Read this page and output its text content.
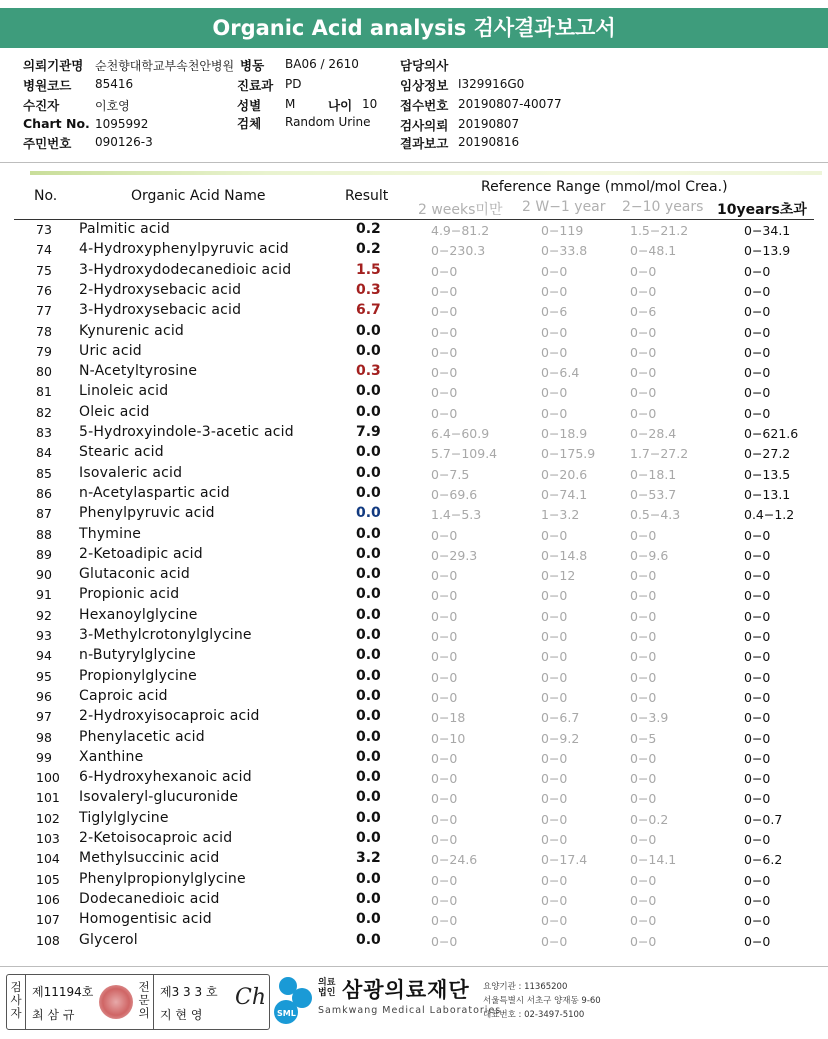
Organic Acid analysis 검사결과보고서
의뢰기관명 순천향대학교부속천안병원 병동 BA06 / 2610	담당의사
병원코드 85416	진료과 PD	임상정보 I329916G0
수진자	이호영	성별 M	나이 10 접수번호 20190807-40077
Chart No. 1095992	검체 Random Urine 검사의뢰 20190807
주민번호 090126-3	결과보고 20190816
No.	Organic Acid Name	Result
Reference Range (mmol/mol Crea.)
2 weeks미만 2 W−1 year 2−10 years 10years초과
73 Palmitic acid	0.2	4.9−81.2	0−119	1.5−21.2	0−34.1
74 4-Hydroxyphenylpyruvic acid	0.2	0−230.3	0−33.8	0−48.1	0−13.9
75 3-Hydroxydodecanedioic acid	1.5	0−0	0−0	0−0	0−0
76 2-Hydroxysebacic acid	0.3	0−0	0−0	0−0	0−0
77 3-Hydroxysebacic acid	6.7	0−0	0−6	0−6	0−0
78 Kynurenic acid	0.0	0−0	0−0	0−0	0−0
79 Uric acid	0.0	0−0	0−0	0−0	0−0
80 N-Acetyltyrosine	0.3	0−0	0−6.4	0−0	0−0
81 Linoleic acid	0.0	0−0	0−0	0−0	0−0
82 Oleic acid	0.0	0−0	0−0	0−0	0−0
83 5-Hydroxyindole-3-acetic acid	7.9	6.4−60.9	0−18.9	0−28.4	0−621.6
84 Stearic acid	0.0	5.7−109.4	0−175.9	1.7−27.2	0−27.2
85 Isovaleric acid	0.0	0−7.5	0−20.6	0−18.1	0−13.5
86 n-Acetylaspartic acid	0.0	0−69.6	0−74.1	0−53.7	0−13.1
87 Phenylpyruvic acid	0.0	1.4−5.3	1−3.2	0.5−4.3	0.4−1.2
88 Thymine	0.0	0−0	0−0	0−0	0−0
89 2-Ketoadipic acid	0.0	0−29.3	0−14.8	0−9.6	0−0
90 Glutaconic acid	0.0	0−0	0−12	0−0	0−0
91 Propionic acid	0.0	0−0	0−0	0−0	0−0
92 Hexanoylglycine	0.0	0−0	0−0	0−0	0−0
93 3-Methylcrotonylglycine	0.0	0−0	0−0	0−0	0−0
94 n-Butyrylglycine	0.0	0−0	0−0	0−0	0−0
95 Propionylglycine	0.0	0−0	0−0	0−0	0−0
96 Caproic acid	0.0	0−0	0−0	0−0	0−0
97 2-Hydroxyisocaproic acid	0.0	0−18	0−6.7	0−3.9	0−0
98 Phenylacetic acid	0.0	0−10	0−9.2	0−5	0−0
99 Xanthine	0.0	0−0	0−0	0−0	0−0
100 6-Hydroxyhexanoic acid	0.0	0−0	0−0	0−0	0−0
101 Isovaleryl-glucuronide	0.0	0−0	0−0	0−0	0−0
102 Tiglylglycine	0.0	0−0	0−0	0−0.2	0−0.7
103 2-Ketoisocaproic acid	0.0	0−0	0−0	0−0	0−0
104 Methylsuccinic acid	3.2	0−24.6	0−17.4	0−14.1	0−6.2
105 Phenylpropionylglycine	0.0	0−0	0−0	0−0	0−0
106 Dodecanedioic acid	0.0	0−0	0−0	0−0	0−0
107 Homogentisic acid	0.0	0−0	0−0	0−0	0−0
108 Glycerol	0.0	0−0	0−0	0−0	0−0
검사자
제11194호
최 삼 규
전문의
제3 3 3 호
지 현 영
Ch
SML
의료법인 삼광의료재단
Samkwang Medical Laboratories
요양기관 : 11365200
서울특별시 서초구 양재동 9-60
대표번호 : 02-3497-5100
